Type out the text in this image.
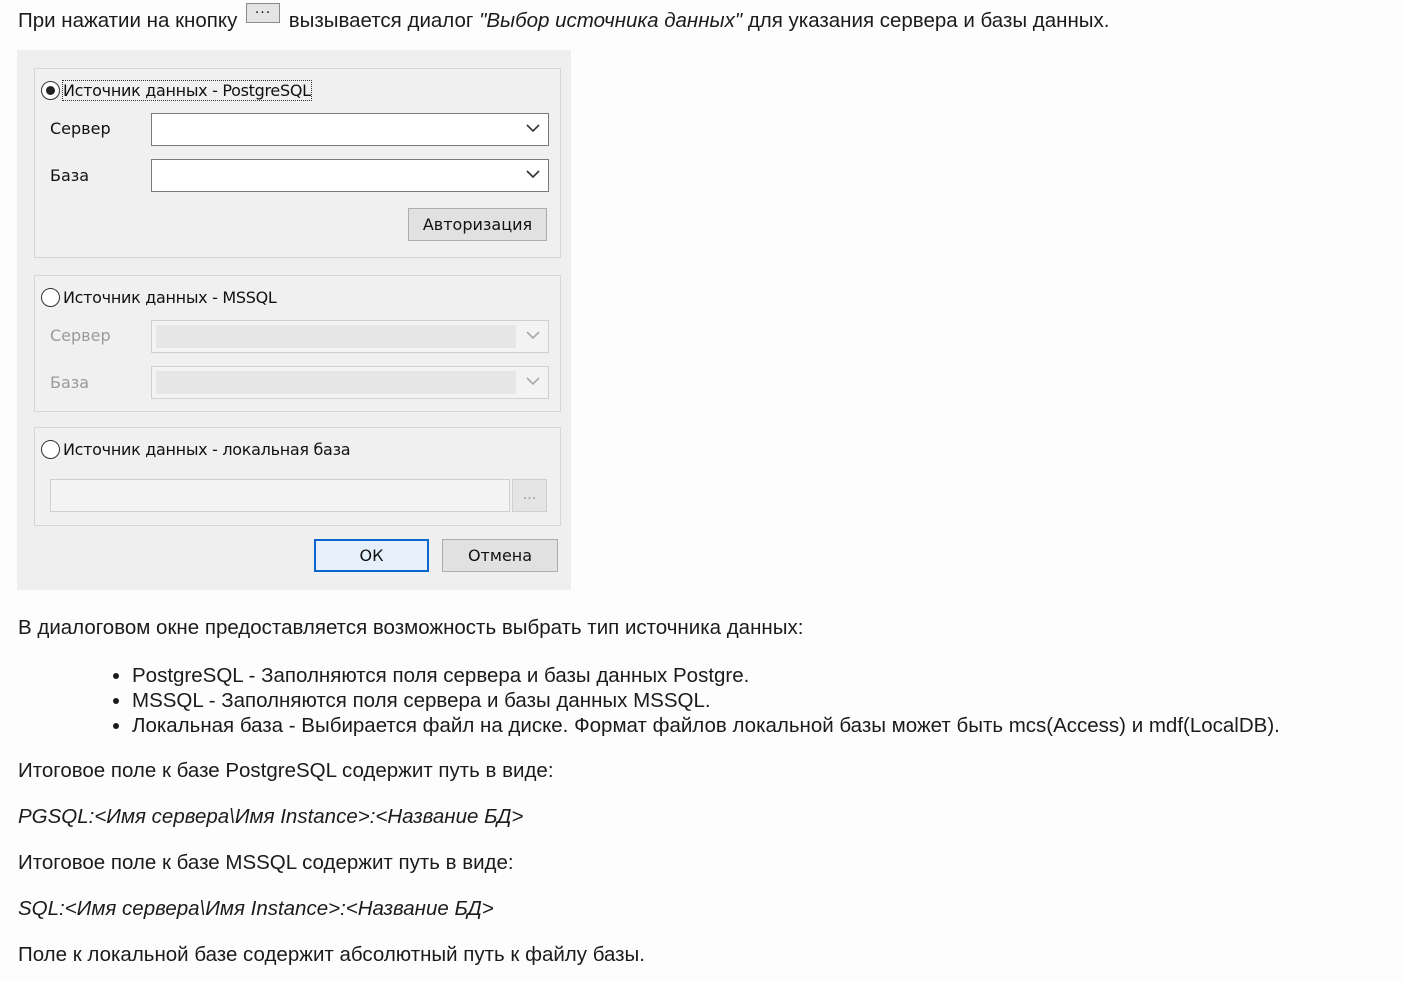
При нажатии на кнопку
...
вызывается диалог "Выбор источника данных" для указания сервера и базы данных.
Источник данных - PostgreSQL
Сервер
База
Авторизация
Источник данных - MSSQL
Сервер
База
Источник данных - локальная база
...
ОК	Отмена
В диалоговом окне предоставляется возможность выбрать тип источника данных:
• PostgreSQL - Заполняются поля сервера и базы данных Postgre.
• MSSQL - Заполняются поля сервера и базы данных MSSQL.
• Локальная база - Выбирается файл на диске. Формат файлов локальной базы может быть mcs(Access) и mdf(LocalDB).
Итоговое поле к базе PostgreSQL содержит путь в виде:
PGSQL:<Имя сервера\Имя Instance>:<Название БД>
Итоговое поле к базе MSSQL содержит путь в виде:
SQL:<Имя сервера\Имя Instance>:<Название БД>
Поле к локальной базе содержит абсолютный путь к файлу базы.
